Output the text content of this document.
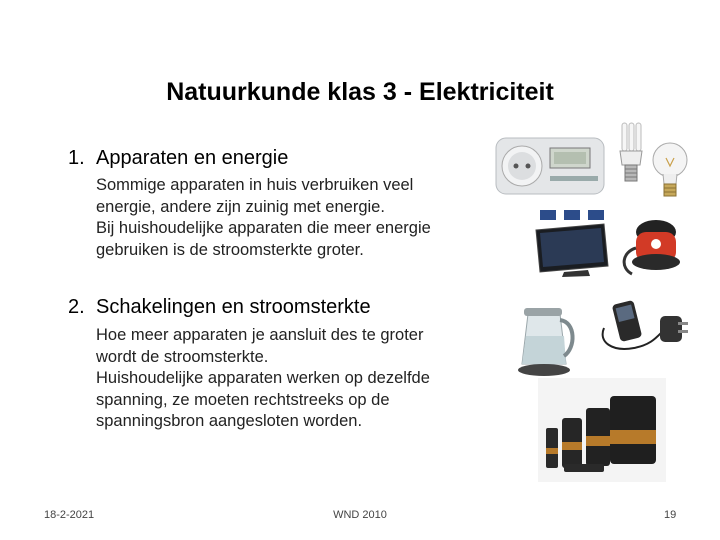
Natuurkunde klas 3 - Elektriciteit
1. Apparaten en energie
Sommige apparaten in huis verbruiken veel
energie, andere zijn zuinig met energie.
Bij huishoudelijke apparaten die meer energie
gebruiken is de stroomsterkte groter.
2. Schakelingen en stroomsterkte
Hoe meer apparaten je aansluit des te groter
wordt de stroomsterkte.
Huishoudelijke apparaten werken op dezelfde
spanning, ze moeten rechtstreeks op de
spanningsbron aangesloten worden.
18-2-2021	WND 2010	19
